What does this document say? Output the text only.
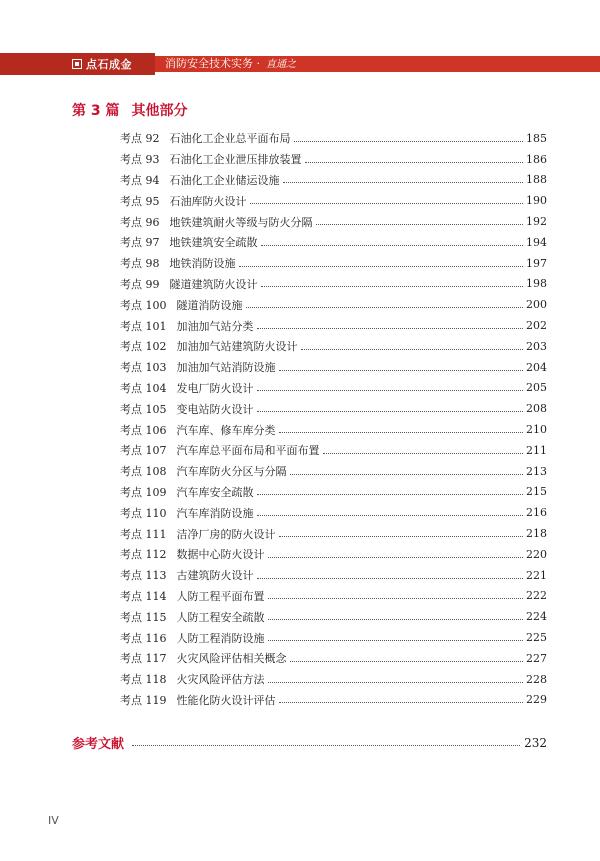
点石成金	消防安全技术实务 · 直通之
第 3 篇 其他部分
考点 92 石油化工企业总平面布局	185
考点 93 石油化工企业泄压排放装置	186
考点 94 石油化工企业储运设施	188
考点 95 石油库防火设计	190
考点 96 地铁建筑耐火等级与防火分隔	192
考点 97 地铁建筑安全疏散	194
考点 98 地铁消防设施	197
考点 99 隧道建筑防火设计	198
考点 100 隧道消防设施	200
考点 101 加油加气站分类	202
考点 102 加油加气站建筑防火设计	203
考点 103 加油加气站消防设施	204
考点 104 发电厂防火设计	205
考点 105 变电站防火设计	208
考点 106 汽车库、修车库分类	210
考点 107 汽车库总平面布局和平面布置	211
考点 108 汽车库防火分区与分隔	213
考点 109 汽车库安全疏散	215
考点 110 汽车库消防设施	216
考点 111 洁净厂房的防火设计	218
考点 112 数据中心防火设计	220
考点 113 古建筑防火设计	221
考点 114 人防工程平面布置	222
考点 115 人防工程安全疏散	224
考点 116 人防工程消防设施	225
考点 117 火灾风险评估相关概念	227
考点 118 火灾风险评估方法	228
考点 119 性能化防火设计评估	229
参考文献	232
IV
